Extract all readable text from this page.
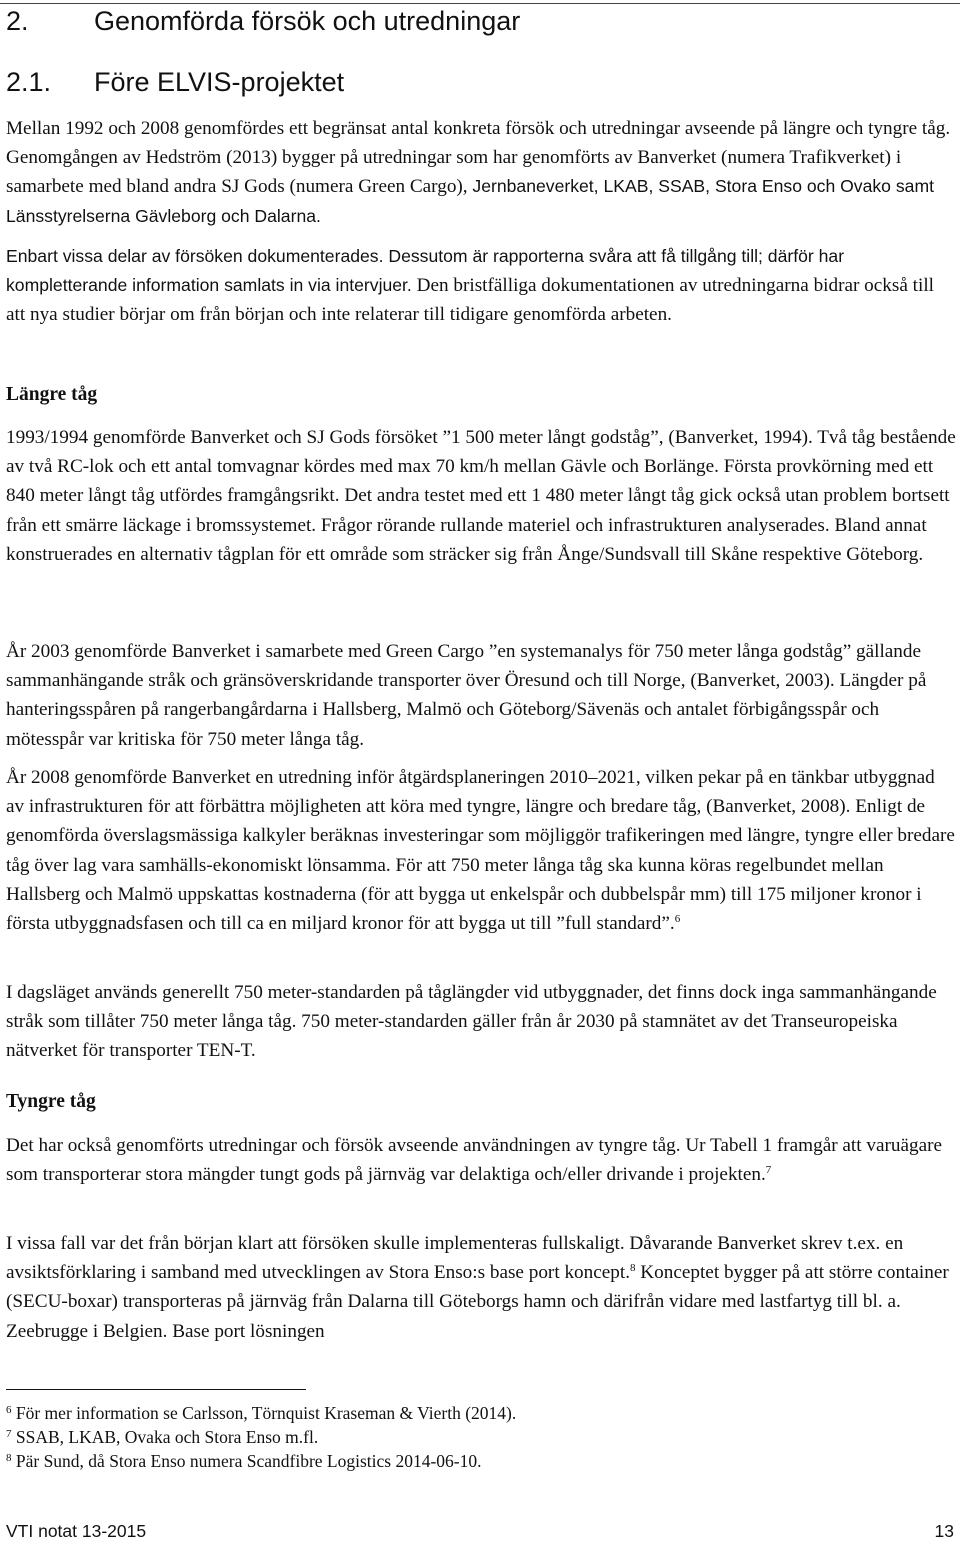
2. Genomförda försök och utredningar
2.1. Före ELVIS-projektet

Mellan 1992 och 2008 genomfördes ett begränsat antal konkreta försök och utredningar avseende på längre och tyngre tåg. Genomgången av Hedström (2013) bygger på utredningar som har genomförts av Banverket (numera Trafikverket) i samarbete med bland andra SJ Gods (numera Green Cargo), Jernbaneverket, LKAB, SSAB, Stora Enso och Ovako samt Länsstyrelserna Gävleborg och Dalarna.

Enbart vissa delar av försöken dokumenterades. Dessutom är rapporterna svåra att få tillgång till; därför har kompletterande information samlats in via intervjuer. Den bristfälliga dokumentationen av utredningarna bidrar också till att nya studier börjar om från början och inte relaterar till tidigare genomförda arbeten.

Längre tåg

1993/1994 genomförde Banverket och SJ Gods försöket ”1 500 meter långt godståg”, (Banverket, 1994). Två tåg bestående av två RC-lok och ett antal tomvagnar kördes med max 70 km/h mellan Gävle och Borlänge. Första provkörning med ett 840 meter långt tåg utfördes framgångsrikt. Det andra testet med ett 1 480 meter långt tåg gick också utan problem bortsett från ett smärre läckage i bromssystemet. Frågor rörande rullande materiel och infrastrukturen analyserades. Bland annat konstruerades en alternativ tågplan för ett område som sträcker sig från Ånge/Sundsvall till Skåne respektive Göteborg.

År 2003 genomförde Banverket i samarbete med Green Cargo ”en systemanalys för 750 meter långa godståg” gällande sammanhängande stråk och gränsöverskridande transporter över Öresund och till Norge, (Banverket, 2003). Längder på hanteringsspåren på rangerbangårdarna i Hallsberg, Malmö och Göteborg/Sävenäs och antalet förbigångsspår och mötesspår var kritiska för 750 meter långa tåg.

År 2008 genomförde Banverket en utredning inför åtgärdsplaneringen 2010–2021, vilken pekar på en tänkbar utbyggnad av infrastrukturen för att förbättra möjligheten att köra med tyngre, längre och bredare tåg, (Banverket, 2008). Enligt de genomförda överslagsmässiga kalkyler beräknas investeringar som möjliggör trafikeringen med längre, tyngre eller bredare tåg över lag vara samhälls-ekonomiskt lönsamma. För att 750 meter långa tåg ska kunna köras regelbundet mellan Hallsberg och Malmö uppskattas kostnaderna (för att bygga ut enkelspår och dubbelspår mm) till 175 miljoner kronor i första utbyggnadsfasen och till ca en miljard kronor för att bygga ut till ”full standard”.$^6$

I dagsläget används generellt 750 meter-standarden på tåglängder vid utbyggnader, det finns dock inga sammanhängande stråk som tillåter 750 meter långa tåg. 750 meter-standarden gäller från år 2030 på stamnätet av det Transeuropeiska nätverket för transporter TEN-T.

Tyngre tåg

Det har också genomförts utredningar och försök avseende användningen av tyngre tåg. Ur Tabell 1 framgår att varuägare som transporterar stora mängder tungt gods på järnväg var delaktiga och/eller drivande i projekten.$^7$

I vissa fall var det från början klart att försöken skulle implementeras fullskaligt. Dåvarande Banverket skrev t.ex. en avsiktsförklaring i samband med utvecklingen av Stora Enso:s base port koncept.$^8$ Konceptet bygger på att större container (SECU-boxar) transporteras på järnväg från Dalarna till Göteborgs hamn och därifrån vidare med lastfartyg till bl. a. Zeebrugge i Belgien. Base port lösningen

$^6$ För mer information se Carlsson, Törnquist Kraseman & Vierth (2014).

$^7$ SSAB, LKAB, Ovaka och Stora Enso m.fl.

$^8$ Pär Sund, då Stora Enso numera Scandfibre Logistics 2014-06-10.

VTI notat 13-2015	13
